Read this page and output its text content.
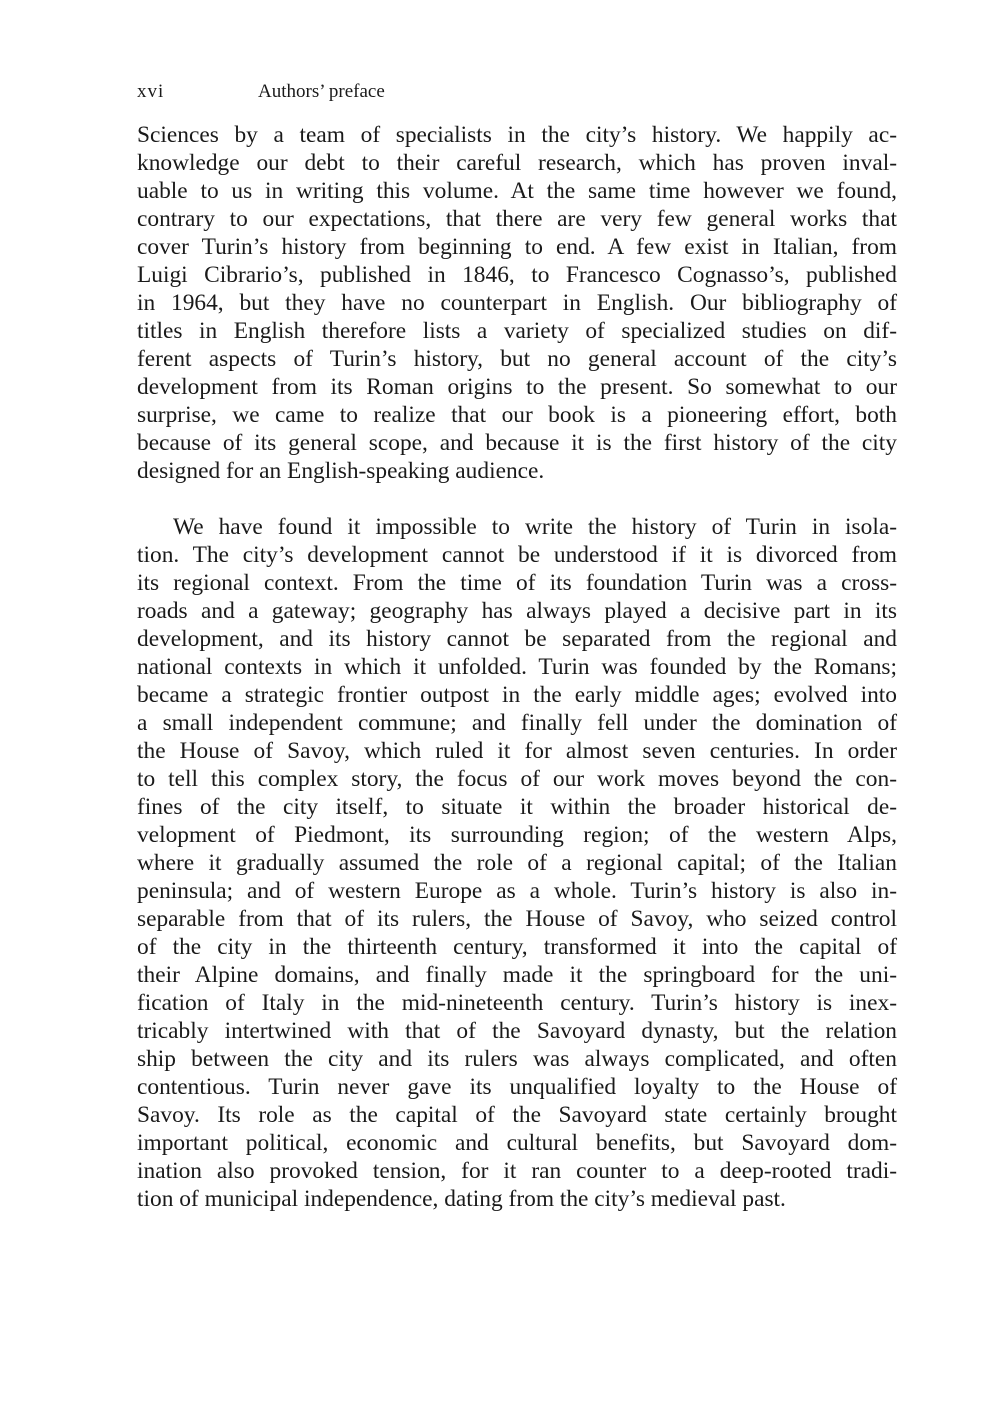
xvi	Authors’ preface
Sciences by a team of specialists in the city’s history. We happily ac-
knowledge our debt to their careful research, which has proven inval-
uable to us in writing this volume. At the same time however we found,
contrary to our expectations, that there are very few general works that
cover Turin’s history from beginning to end. A few exist in Italian, from
Luigi Cibrario’s, published in 1846, to Francesco Cognasso’s, published
in 1964, but they have no counterpart in English. Our bibliography of
titles in English therefore lists a variety of specialized studies on dif-
ferent aspects of Turin’s history, but no general account of the city’s
development from its Roman origins to the present. So somewhat to our
surprise, we came to realize that our book is a pioneering effort, both
because of its general scope, and because it is the first history of the city
designed for an English-speaking audience.
We have found it impossible to write the history of Turin in isola-
tion. The city’s development cannot be understood if it is divorced from
its regional context. From the time of its foundation Turin was a cross-
roads and a gateway; geography has always played a decisive part in its
development, and its history cannot be separated from the regional and
national contexts in which it unfolded. Turin was founded by the Romans;
became a strategic frontier outpost in the early middle ages; evolved into
a small independent commune; and finally fell under the domination of
the House of Savoy, which ruled it for almost seven centuries. In order
to tell this complex story, the focus of our work moves beyond the con-
fines of the city itself, to situate it within the broader historical de-
velopment of Piedmont, its surrounding region; of the western Alps,
where it gradually assumed the role of a regional capital; of the Italian
peninsula; and of western Europe as a whole. Turin’s history is also in-
separable from that of its rulers, the House of Savoy, who seized control
of the city in the thirteenth century, transformed it into the capital of
their Alpine domains, and finally made it the springboard for the uni-
fication of Italy in the mid-nineteenth century. Turin’s history is inex-
tricably intertwined with that of the Savoyard dynasty, but the relation
ship between the city and its rulers was always complicated, and often
contentious. Turin never gave its unqualified loyalty to the House of
Savoy. Its role as the capital of the Savoyard state certainly brought
important political, economic and cultural benefits, but Savoyard dom-
ination also provoked tension, for it ran counter to a deep-rooted tradi-
tion of municipal independence, dating from the city’s medieval past.
